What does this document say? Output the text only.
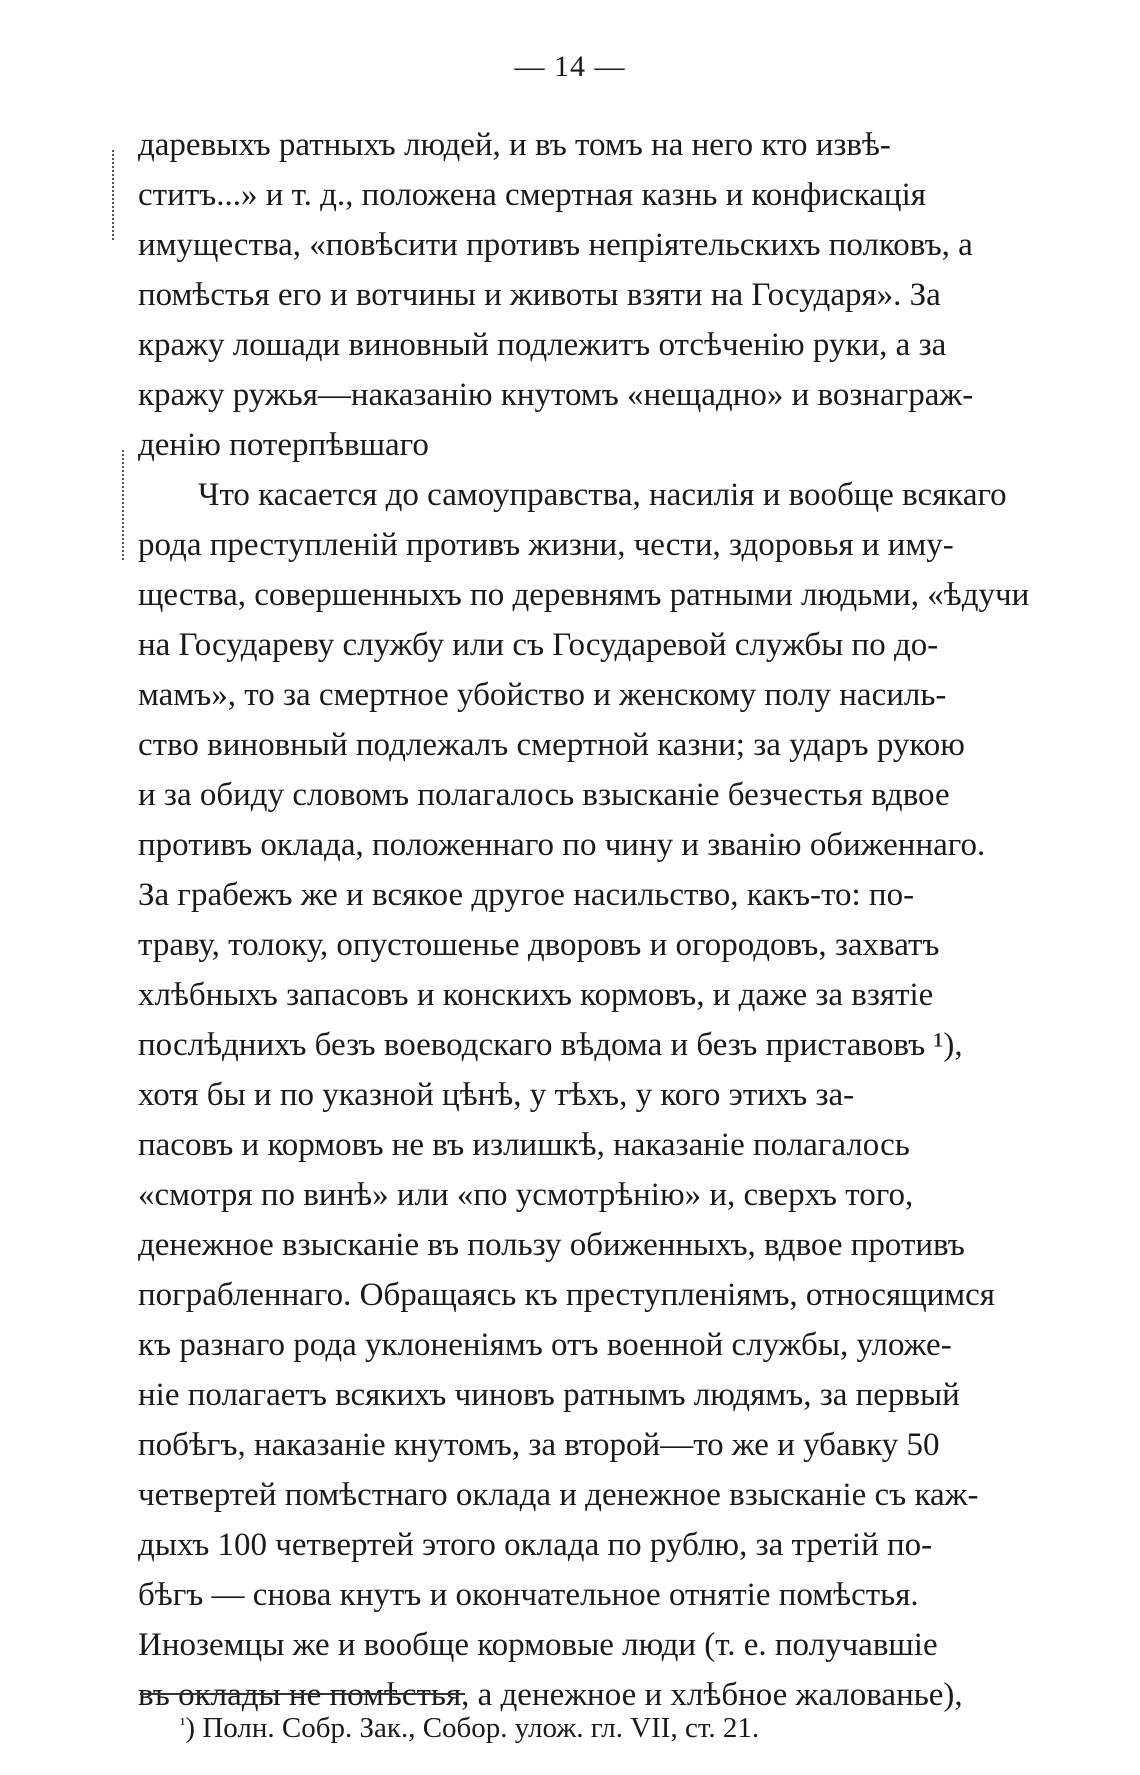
— 14 —
даревыхъ ратныхъ людей, и въ томъ на него кто извѣ-
ститъ...» и т. д., положена смертная казнь и конфискація
имущества, «повѣсити противъ непріятельскихъ полковъ, а
помѣстья его и вотчины и животы взяти на Государя». За
кражу лошади виновный подлежитъ отсѣченію руки, а за
кражу ружья—наказанію кнутомъ «нещадно» и вознаграж-
денію потерпѣвшаго
Что касается до самоуправства, насилія и вообще всякаго
рода преступленій противъ жизни, чести, здоровья и иму-
щества, совершенныхъ по деревнямъ ратными людьми, «ѣдучи
на Государеву службу или съ Государевой службы по до-
мамъ», то за смертное убойство и женскому полу насиль-
ство виновный подлежалъ смертной казни; за ударъ рукою
и за обиду словомъ полагалось взысканіе безчестья вдвое
противъ оклада, положеннаго по чину и званію обиженнаго.
За грабежъ же и всякое другое насильство, какъ-то: по-
траву, толоку, опустошенье дворовъ и огородовъ, захватъ
хлѣбныхъ запасовъ и конскихъ кормовъ, и даже за взятіе
послѣднихъ безъ воеводскаго вѣдома и безъ приставовъ ¹),
хотя бы и по указной цѣнѣ, у тѣхъ, у кого этихъ за-
пасовъ и кормовъ не въ излишкѣ, наказаніе полагалось
«смотря по винѣ» или «по усмотрѣнію» и, сверхъ того,
денежное взысканіе въ пользу обиженныхъ, вдвое противъ
пограбленнаго. Обращаясь къ преступленіямъ, относящимся
къ разнаго рода уклоненіямъ отъ военной службы, уложе-
ніе полагаетъ всякихъ чиновъ ратнымъ людямъ, за первый
побѣгъ, наказаніе кнутомъ, за второй—то же и убавку 50
четвертей помѣстнаго оклада и денежное взысканіе съ каж-
дыхъ 100 четвертей этого оклада по рублю, за третій по-
бѣгъ — снова кнутъ и окончательное отнятіе помѣстья.
Иноземцы же и вообще кормовые люди (т. е. получавшіе
въ оклады не помѣстья, а денежное и хлѣбное жалованье),
$^{^1}$) Полн. Собр. Зак., Собор. улож. гл. VII, ст. 21.
